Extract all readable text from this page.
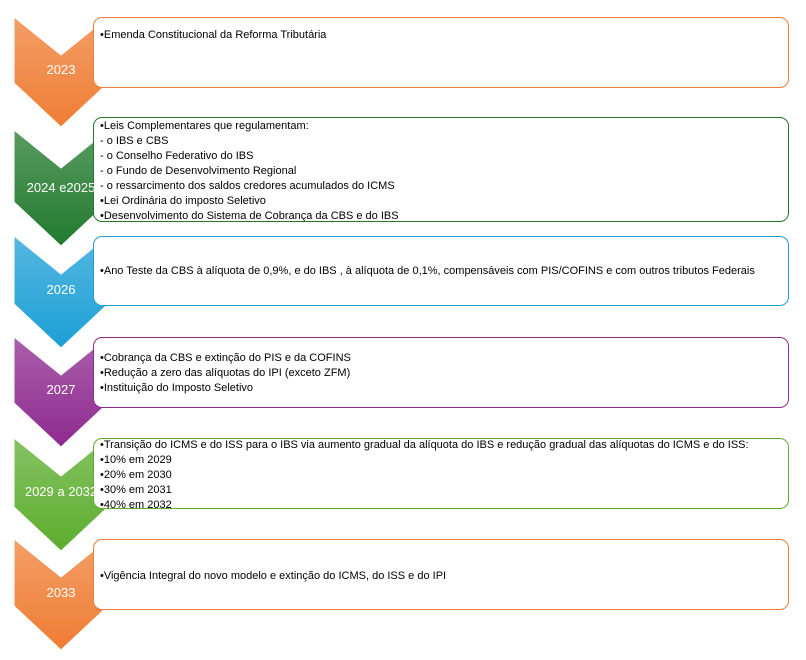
•Emenda Constitucional da Reforma Tributária
•Leis Complementares que regulamentam:
- o IBS e CBS
- o Conselho Federativo do IBS
- o Fundo de Desenvolvimento Regional
- o ressarcimento dos saldos credores acumulados do ICMS
•Lei Ordinária do imposto Seletivo
•Desenvolvimento do Sistema de Cobrança da CBS e do IBS
•Ano Teste da CBS à alíquota de 0,9%, e do IBS , à alíquota de 0,1%, compensáveis com PIS/COFINS e com outros tributos Federais
•Cobrança da CBS e extinção do PIS e da COFINS
•Redução a zero das alíquotas do IPI (exceto ZFM)
•Instituição do Imposto Seletivo
•Transição do ICMS e do ISS para o IBS via aumento gradual da alíquota do IBS e redução gradual das alíquotas do ICMS e do ISS:
•10% em 2029
•20% em 2030
•30% em 2031
•40% em 2032
•Vigência Integral do novo modelo e extinção do ICMS, do ISS e do IPI
2023
2024 e2025
2026
2027
2029 a 2032
2033
